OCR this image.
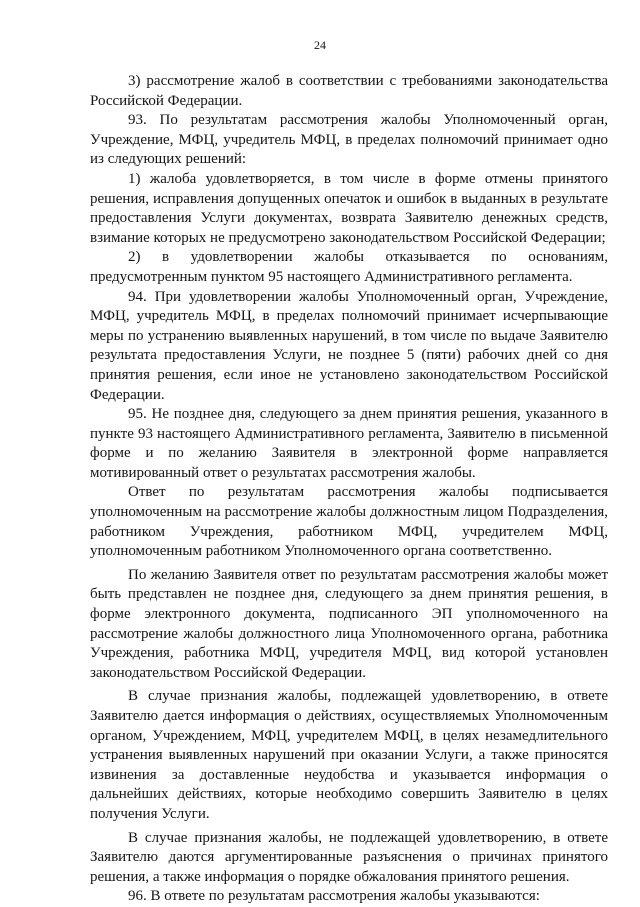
24

3) рассмотрение жалоб в соответствии с требованиями законодательства Российской Федерации.

93. По результатам рассмотрения жалобы Уполномоченный орган, Учреждение, МФЦ, учредитель МФЦ, в пределах полномочий принимает одно из следующих решений:

1) жалоба удовлетворяется, в том числе в форме отмены принятого решения, исправления допущенных опечаток и ошибок в выданных в результате предоставления Услуги документах, возврата Заявителю денежных средств, взимание которых не предусмотрено законодательством Российской Федерации;

2) в удовлетворении жалобы отказывается по основаниям, предусмотренным пунктом 95 настоящего Административного регламента.

94. При удовлетворении жалобы Уполномоченный орган, Учреждение, МФЦ, учредитель МФЦ, в пределах полномочий принимает исчерпывающие меры по устранению выявленных нарушений, в том числе по выдаче Заявителю результата предоставления Услуги, не позднее 5 (пяти) рабочих дней со дня принятия решения, если иное не установлено законодательством Российской Федерации.

95. Не позднее дня, следующего за днем принятия решения, указанного в пункте 93 настоящего Административного регламента, Заявителю в письменной форме и по желанию Заявителя в электронной форме направляется мотивированный ответ о результатах рассмотрения жалобы.

Ответ по результатам рассмотрения жалобы подписывается уполномоченным на рассмотрение жалобы должностным лицом Подразделения, работником Учреждения, работником МФЦ, учредителем МФЦ, уполномоченным работником Уполномоченного органа соответственно.

По желанию Заявителя ответ по результатам рассмотрения жалобы может быть представлен не позднее дня, следующего за днем принятия решения, в форме электронного документа, подписанного ЭП уполномоченного на рассмотрение жалобы должностного лица Уполномоченного органа, работника Учреждения, работника МФЦ, учредителя МФЦ, вид которой установлен законодательством Российской Федерации.

В случае признания жалобы, подлежащей удовлетворению, в ответе Заявителю дается информация о действиях, осуществляемых Уполномоченным органом, Учреждением, МФЦ, учредителем МФЦ, в целях незамедлительного устранения выявленных нарушений при оказании Услуги, а также приносятся извинения за доставленные неудобства и указывается информация о дальнейших действиях, которые необходимо совершить Заявителю в целях получения Услуги.

В случае признания жалобы, не подлежащей удовлетворению, в ответе Заявителю даются аргументированные разъяснения о причинах принятого решения, а также информация о порядке обжалования принятого решения.

96. В ответе по результатам рассмотрения жалобы указываются:
